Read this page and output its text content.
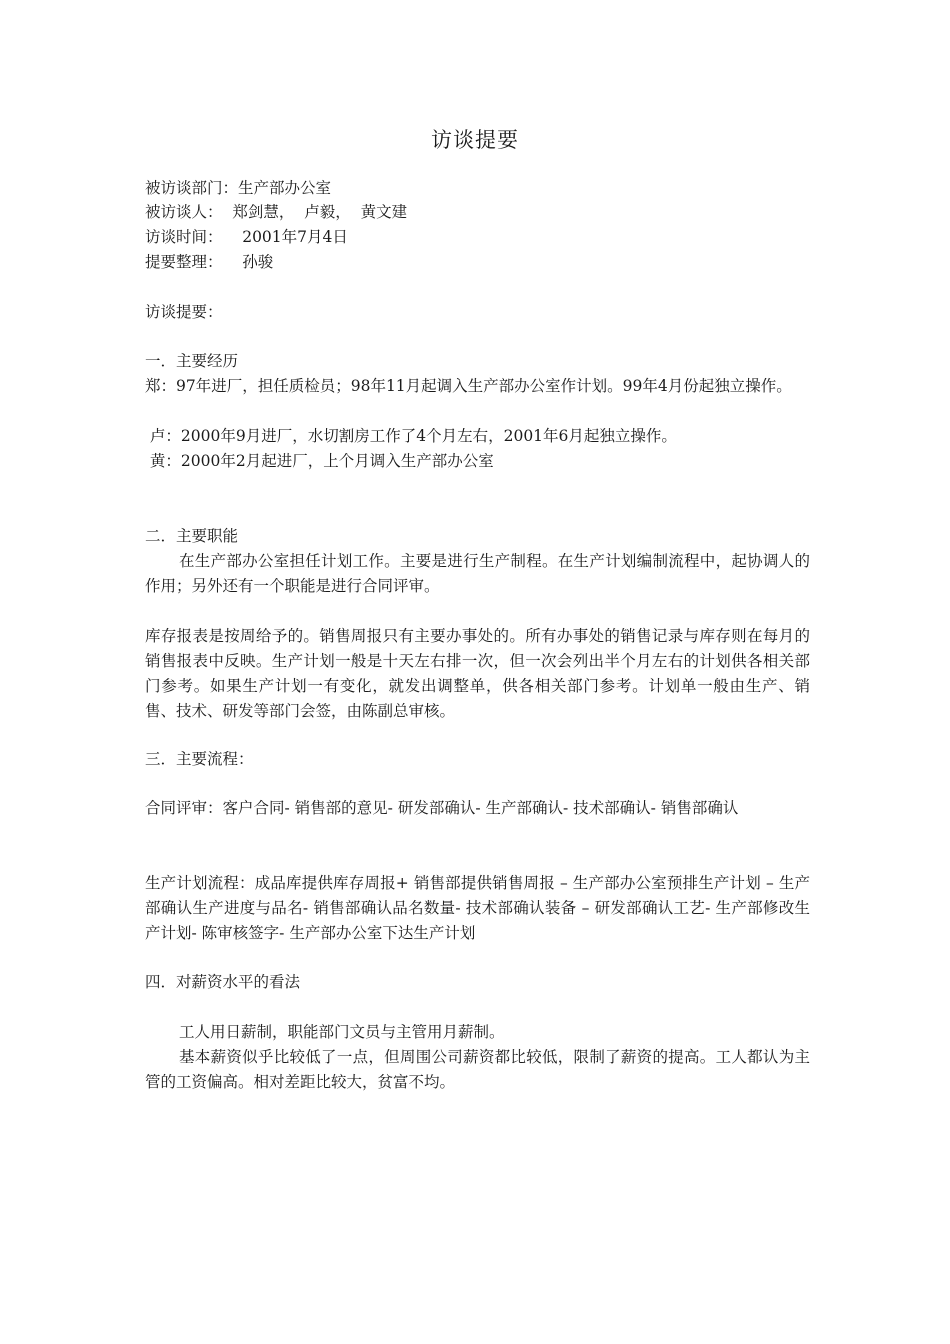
访谈提要
被访谈部门：生产部办公室
被访谈人：  郑剑慧，  卢毅，  黄文建
访谈时间：    2001年7月4日
提要整理：    孙骏
访谈提要：
一．主要经历
郑：97年进厂，担任质检员；98年11月起调入生产部办公室作计划。99年4月份起独立操作。
卢：2000年9月进厂，水切割房工作了4个月左右，2001年6月起独立操作。
黄：2000年2月起进厂，上个月调入生产部办公室
二．主要职能
在生产部办公室担任计划工作。主要是进行生产制程。在生产计划编制流程中，起协调人的 作用；另外还有一个职能是进行合同评审。
库存报表是按周给予的。销售周报只有主要办事处的。所有办事处的销售记录与库存则在每月的销售报表中反映。生产计划一般是十天左右排一次，但一次会列出半个月左右的计划供各相关部门参考。如果生产计划一有变化，就发出调整单，供各相关部门参考。计划单一般由生产、销售、技术、研发等部门会签，由陈副总审核。
三．主要流程：
合同评审：客户合同- 销售部的意见- 研发部确认- 生产部确认- 技术部确认- 销售部确认
生产计划流程：成品库提供库存周报+ 销售部提供销售周报 – 生产部办公室预排生产计划 – 生产部确认生产进度与品名- 销售部确认品名数量- 技术部确认装备 – 研发部确认工艺- 生产部修改生产计划- 陈审核签字- 生产部办公室下达生产计划
四．对薪资水平的看法
工人用日薪制，职能部门文员与主管用月薪制。
基本薪资似乎比较低了一点，但周围公司薪资都比较低，限制了薪资的提高。工人都认为主管的工资偏高。相对差距比较大，贫富不均。
